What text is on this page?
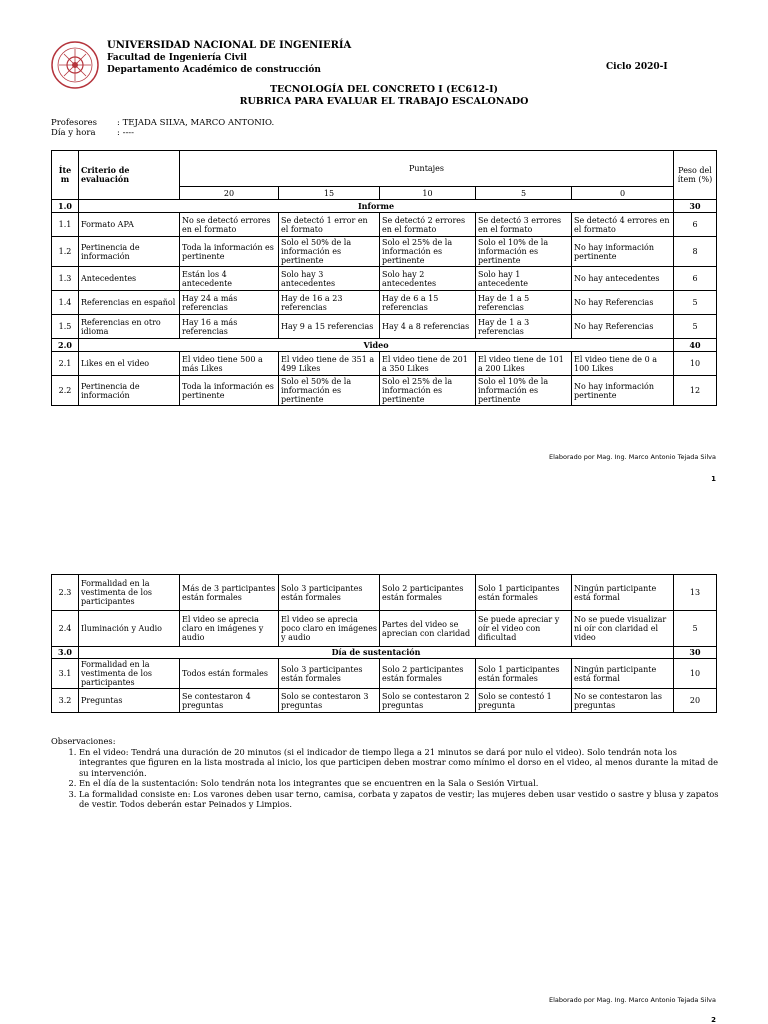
UNIVERSIDAD NACIONAL DE INGENIERÍA
Facultad de Ingeniería Civil
Departamento Académico de construcción	Ciclo 2020-I
TECNOLOGÍA DEL CONCRETO I (EC612-I)
RUBRICA PARA EVALUAR EL TRABAJO ESCALONADO
Profesores : TEJADA SILVA, MARCO ANTONIO.
Día y hora	: ----
Íte m	Criterio de evaluación	Puntajes					Peso del ítem (%)
		20	15	10	5	0	
1.0	Informe						30
1.1	Formato APA	No se detectó errores en el formato	Se detectó 1 error en el formato	Se detectó 2 errores en el formato	Se detectó 3 errores en el formato	Se detectó 4 errores en el formato	6
1.2	Pertinencia de información	Toda la información es pertinente	Solo el 50% de la información es pertinente	Solo el 25% de la información es pertinente	Solo el 10% de la información es pertinente	No hay información pertinente	8
1.3	Antecedentes	Están los 4 antecedente	Solo hay 3 antecedentes	Solo hay 2 antecedentes	Solo hay 1 antecedente	No hay antecedentes	6
1.4	Referencias en español	Hay 24 a más referencias	Hay de 16 a 23 referencias	Hay de 6 a 15 referencias	Hay de 1 a 5 referencias	No hay Referencias	5
1.5	Referencias en otro idioma	Hay 16 a más referencias	Hay 9 a 15 referencias	Hay 4 a 8 referencias	Hay de 1 a 3 referencias	No hay Referencias	5
2.0	Video						40
2.1	Likes en el video	El video tiene 500 a más Likes	El video tiene de 351 a 499 Likes	El video tiene de 201 a 350 Likes	El video tiene de 101 a 200 Likes	El video tiene de 0 a 100 Likes	10
2.2	Pertinencia de información	Toda la información es pertinente	Solo el 50% de la información es pertinente	Solo el 25% de la información es pertinente	Solo el 10% de la información es pertinente	No hay información pertinente	12
Elaborado por Mag. Ing. Marco Antonio Tejada Silva
1
2.3	Formalidad en la vestimenta de los participantes	Más de 3 participantes están formales	Solo 3 participantes están formales	Solo 2 participantes están formales	Solo 1 participantes están formales	Ningún participante está formal	13
2.4	Iluminación y Audio	El video se aprecia claro en imágenes y audio	El video se aprecia poco claro en imágenes y audio	Partes del video se aprecian con claridad	Se puede apreciar y oír el video con dificultad	No se puede visualizar ni oír con claridad el video	5
3.0	Día de sustentación						30
3.1	Formalidad en la vestimenta de los participantes	Todos están formales	Solo 3 participantes están formales	Solo 2 participantes están formales	Solo 1 participantes están formales	Ningún participante está formal	10
3.2	Preguntas	Se contestaron 4 preguntas	Solo se contestaron 3 preguntas	Solo se contestaron 2 preguntas	Solo se contestó 1 pregunta	No se contestaron las preguntas	20
Observaciones:
1. En el video: Tendrá una duración de 20 minutos (si el indicador de tiempo llega a 21 minutos se dará por nulo el video). Solo tendrán nota los integrantes que figuren en la lista mostrada al inicio, los que participen deben mostrar como mínimo el dorso en el video, al menos durante la mitad de su intervención.
2. En el día de la sustentación: Solo tendrán nota los integrantes que se encuentren en la Sala o Sesión Virtual.
3. La formalidad consiste en: Los varones deben usar terno, camisa, corbata y zapatos de vestir; las mujeres deben usar vestido o sastre y blusa y zapatos de vestir. Todos deberán estar Peinados y Limpios.
Elaborado por Mag. Ing. Marco Antonio Tejada Silva
2
